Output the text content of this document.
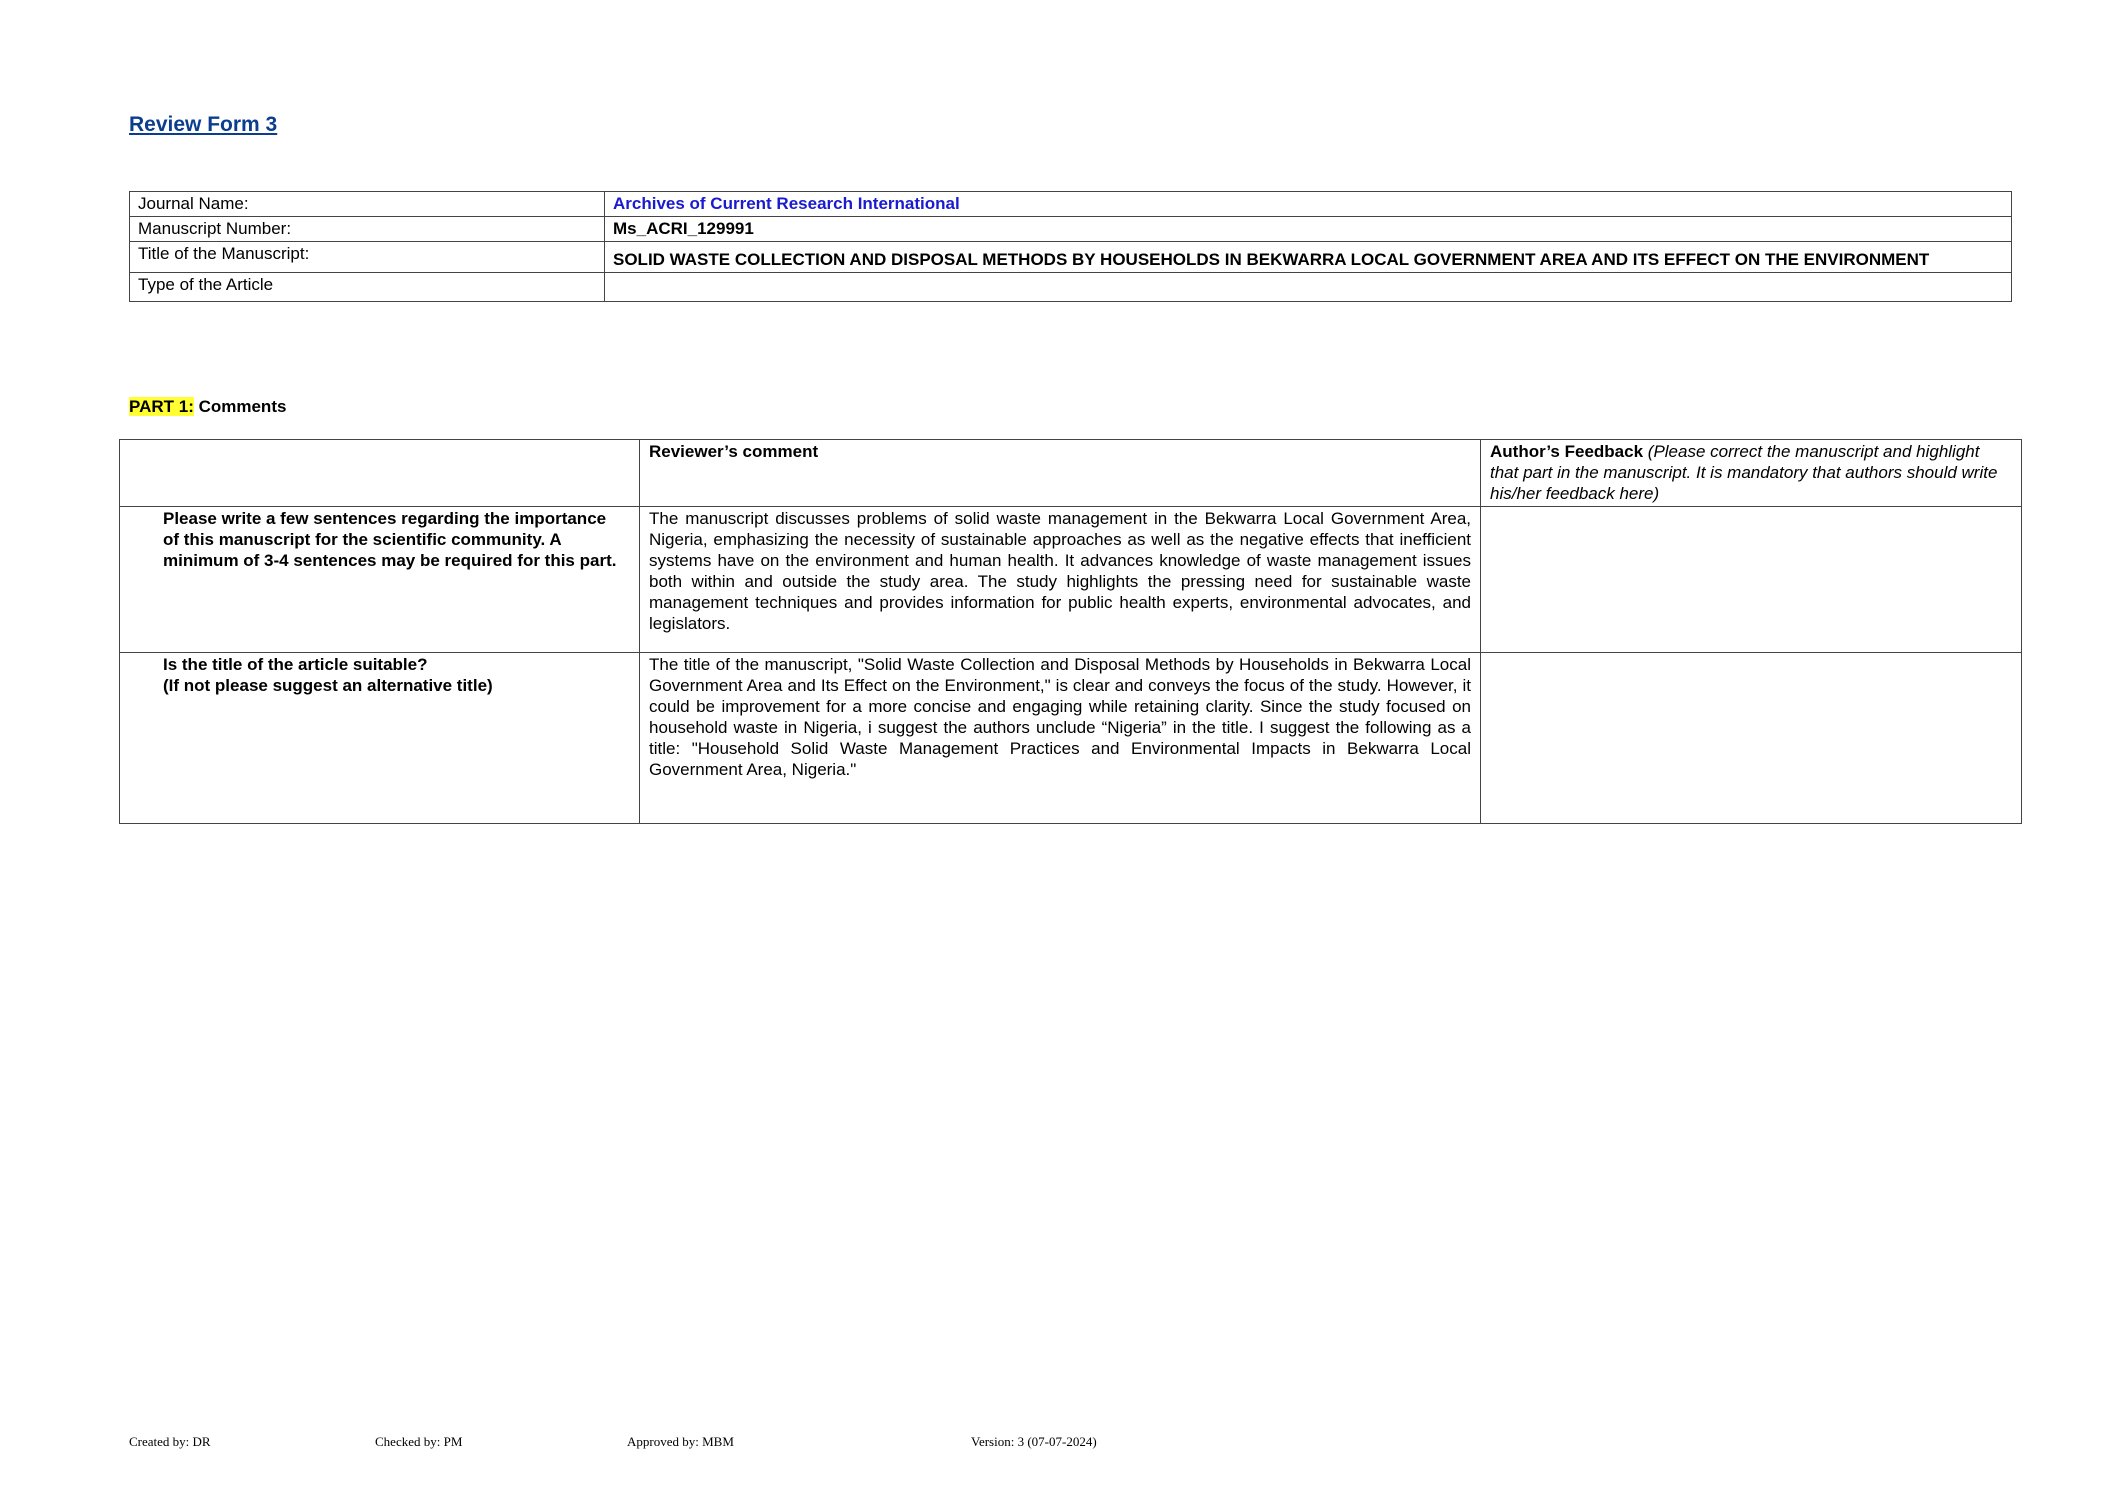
Review Form 3
Journal Name:	Archives of Current Research International
Manuscript Number:	Ms_ACRI_129991
Title of the Manuscript:	SOLID WASTE COLLECTION AND DISPOSAL METHODS BY HOUSEHOLDS IN BEKWARRA LOCAL GOVERNMENT AREA AND ITS EFFECT ON THE ENVIRONMENT
Type of the Article	
PART 1: Comments
	Reviewer’s comment	Author’s Feedback (Please correct the manuscript and highlight that part in the manuscript. It is mandatory that authors should write his/her feedback here)
Please write a few sentences regarding the importance of this manuscript for the scientific community. A minimum of 3-4 sentences may be required for this part.	The manuscript discusses problems of solid waste management in the Bekwarra Local Government Area, Nigeria, emphasizing the necessity of sustainable approaches as well as the negative effects that inefficient systems have on the environment and human health. It advances knowledge of waste management issues both within and outside the study area. The study highlights the pressing need for sustainable waste management techniques and provides information for public health experts, environmental advocates, and legislators.	

Is the title of the article suitable?
(If not please suggest an alternative title)	The title of the manuscript, "Solid Waste Collection and Disposal Methods by Households in Bekwarra Local Government Area and Its Effect on the Environment," is clear and conveys the focus of the study. However, it could be improvement for a more concise and engaging while retaining clarity. Since the study focused on household waste in Nigeria, i suggest the authors unclude “Nigeria” in the title. I suggest the following as a title: "Household Solid Waste Management Practices and Environmental Impacts in Bekwarra Local Government Area, Nigeria."	
Created by: DR	Checked by: PM	Approved by: MBM	Version: 3 (07-07-2024)
